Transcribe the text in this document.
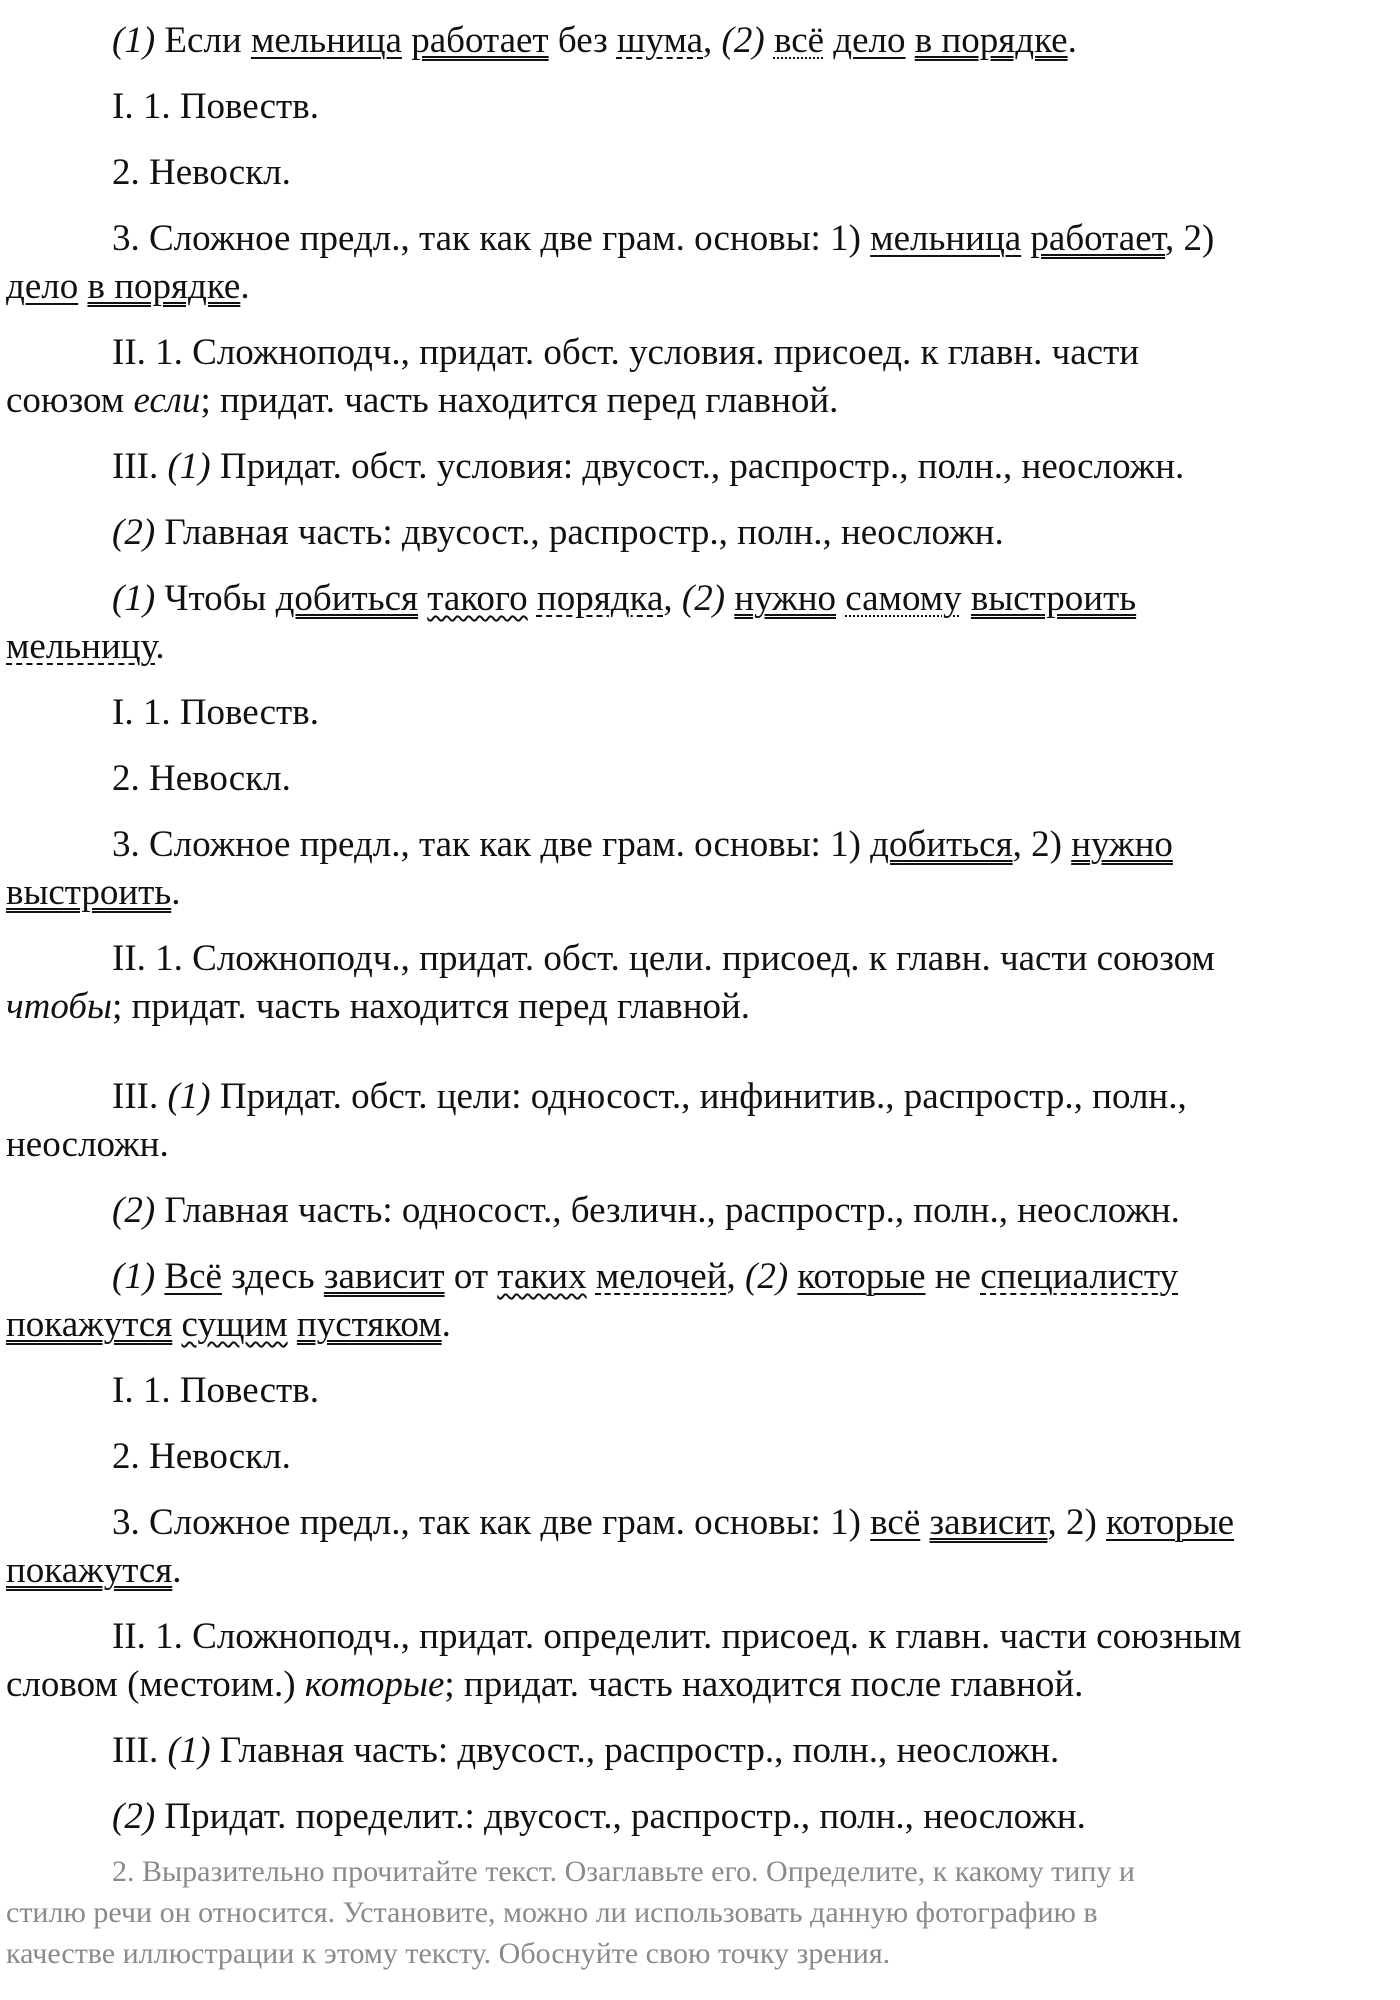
(1) Если мельница работает без шума, (2) всё дело в порядке.
I. 1. Повеств.
2. Невоскл.
3. Сложное предл., так как две грам. основы: 1) мельница работает, 2)
дело в порядке.
II. 1. Сложноподч., придат. обст. условия. присоед. к главн. части
союзом если; придат. часть находится перед главной.
III. (1) Придат. обст. условия: двусост., распростр., полн., неосложн.
(2) Главная часть: двусост., распростр., полн., неосложн.
(1) Чтобы добиться такого порядка, (2) нужно самому выстроить
мельницу.
I. 1. Повеств.
2. Невоскл.
3. Сложное предл., так как две грам. основы: 1) добиться, 2) нужно
выстроить.
II. 1. Сложноподч., придат. обст. цели. присоед. к главн. части союзом
чтобы; придат. часть находится перед главной.
III. (1) Придат. обст. цели: односост., инфинитив., распростр., полн.,
неосложн.
(2) Главная часть: односост., безличн., распростр., полн., неосложн.
(1) Всё здесь зависит от таких мелочей, (2) которые не специалисту
покажутся сущим пустяком.
I. 1. Повеств.
2. Невоскл.
3. Сложное предл., так как две грам. основы: 1) всё зависит, 2) которые
покажутся.
II. 1. Сложноподч., придат. определит. присоед. к главн. части союзным
словом (местоим.) которые; придат. часть находится после главной.
III. (1) Главная часть: двусост., распростр., полн., неосложн.
(2) Придат. поределит.: двусост., распростр., полн., неосложн.
2. Выразительно прочитайте текст. Озаглавьте его. Определите, к какому типу и
стилю речи он относится. Установите, можно ли использовать данную фотографию в
качестве иллюстрации к этому тексту. Обоснуйте свою точку зрения.
